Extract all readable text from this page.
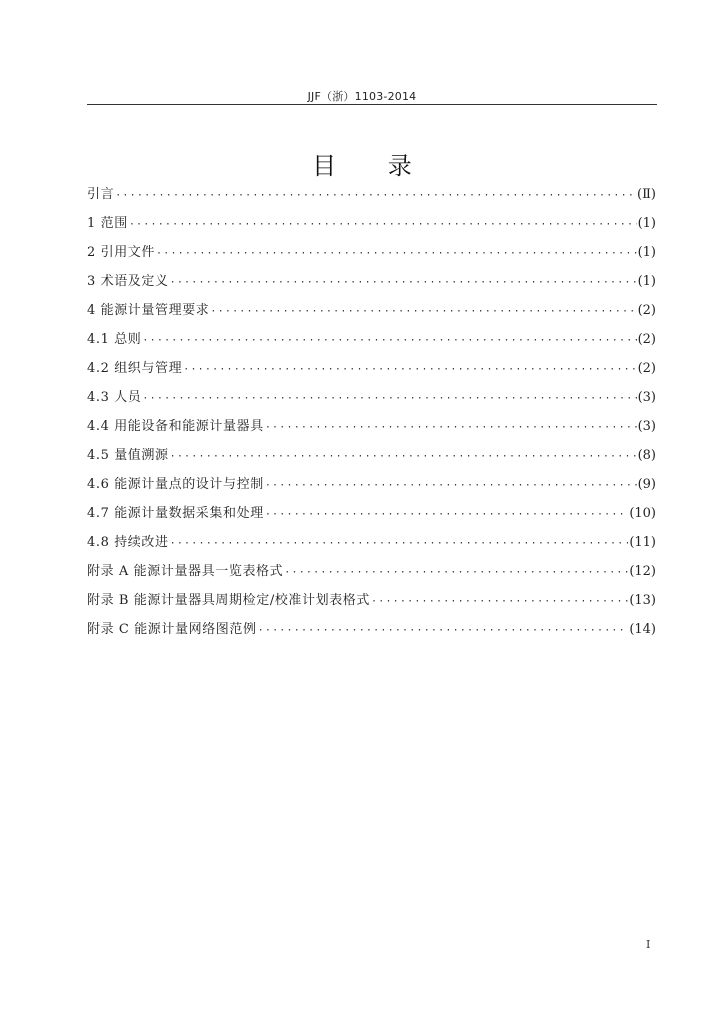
JJF（浙）1103-2014
目 录
引言 ·····	(Ⅱ)
1 范围 ·····	(1)
2 引用文件 ·····	(1)
3 术语及定义 ·····	(1)
4 能源计量管理要求 ·····	(2)
4.1 总则 ·····	(2)
4.2 组织与管理 ·····	(2)
4.3 人员 ·····	(3)
4.4 用能设备和能源计量器具 ·····	(3)
4.5 量值溯源 ·····	(8)
4.6 能源计量点的设计与控制 ·····	(9)
4.7 能源计量数据采集和处理 ·····	(10)
4.8 持续改进 ·····	(11)
附录 A 能源计量器具一览表格式 ·····	(12)
附录 B 能源计量器具周期检定/校准计划表格式 ·····	(13)
附录 C 能源计量网络图范例 ·····	(14)
I
